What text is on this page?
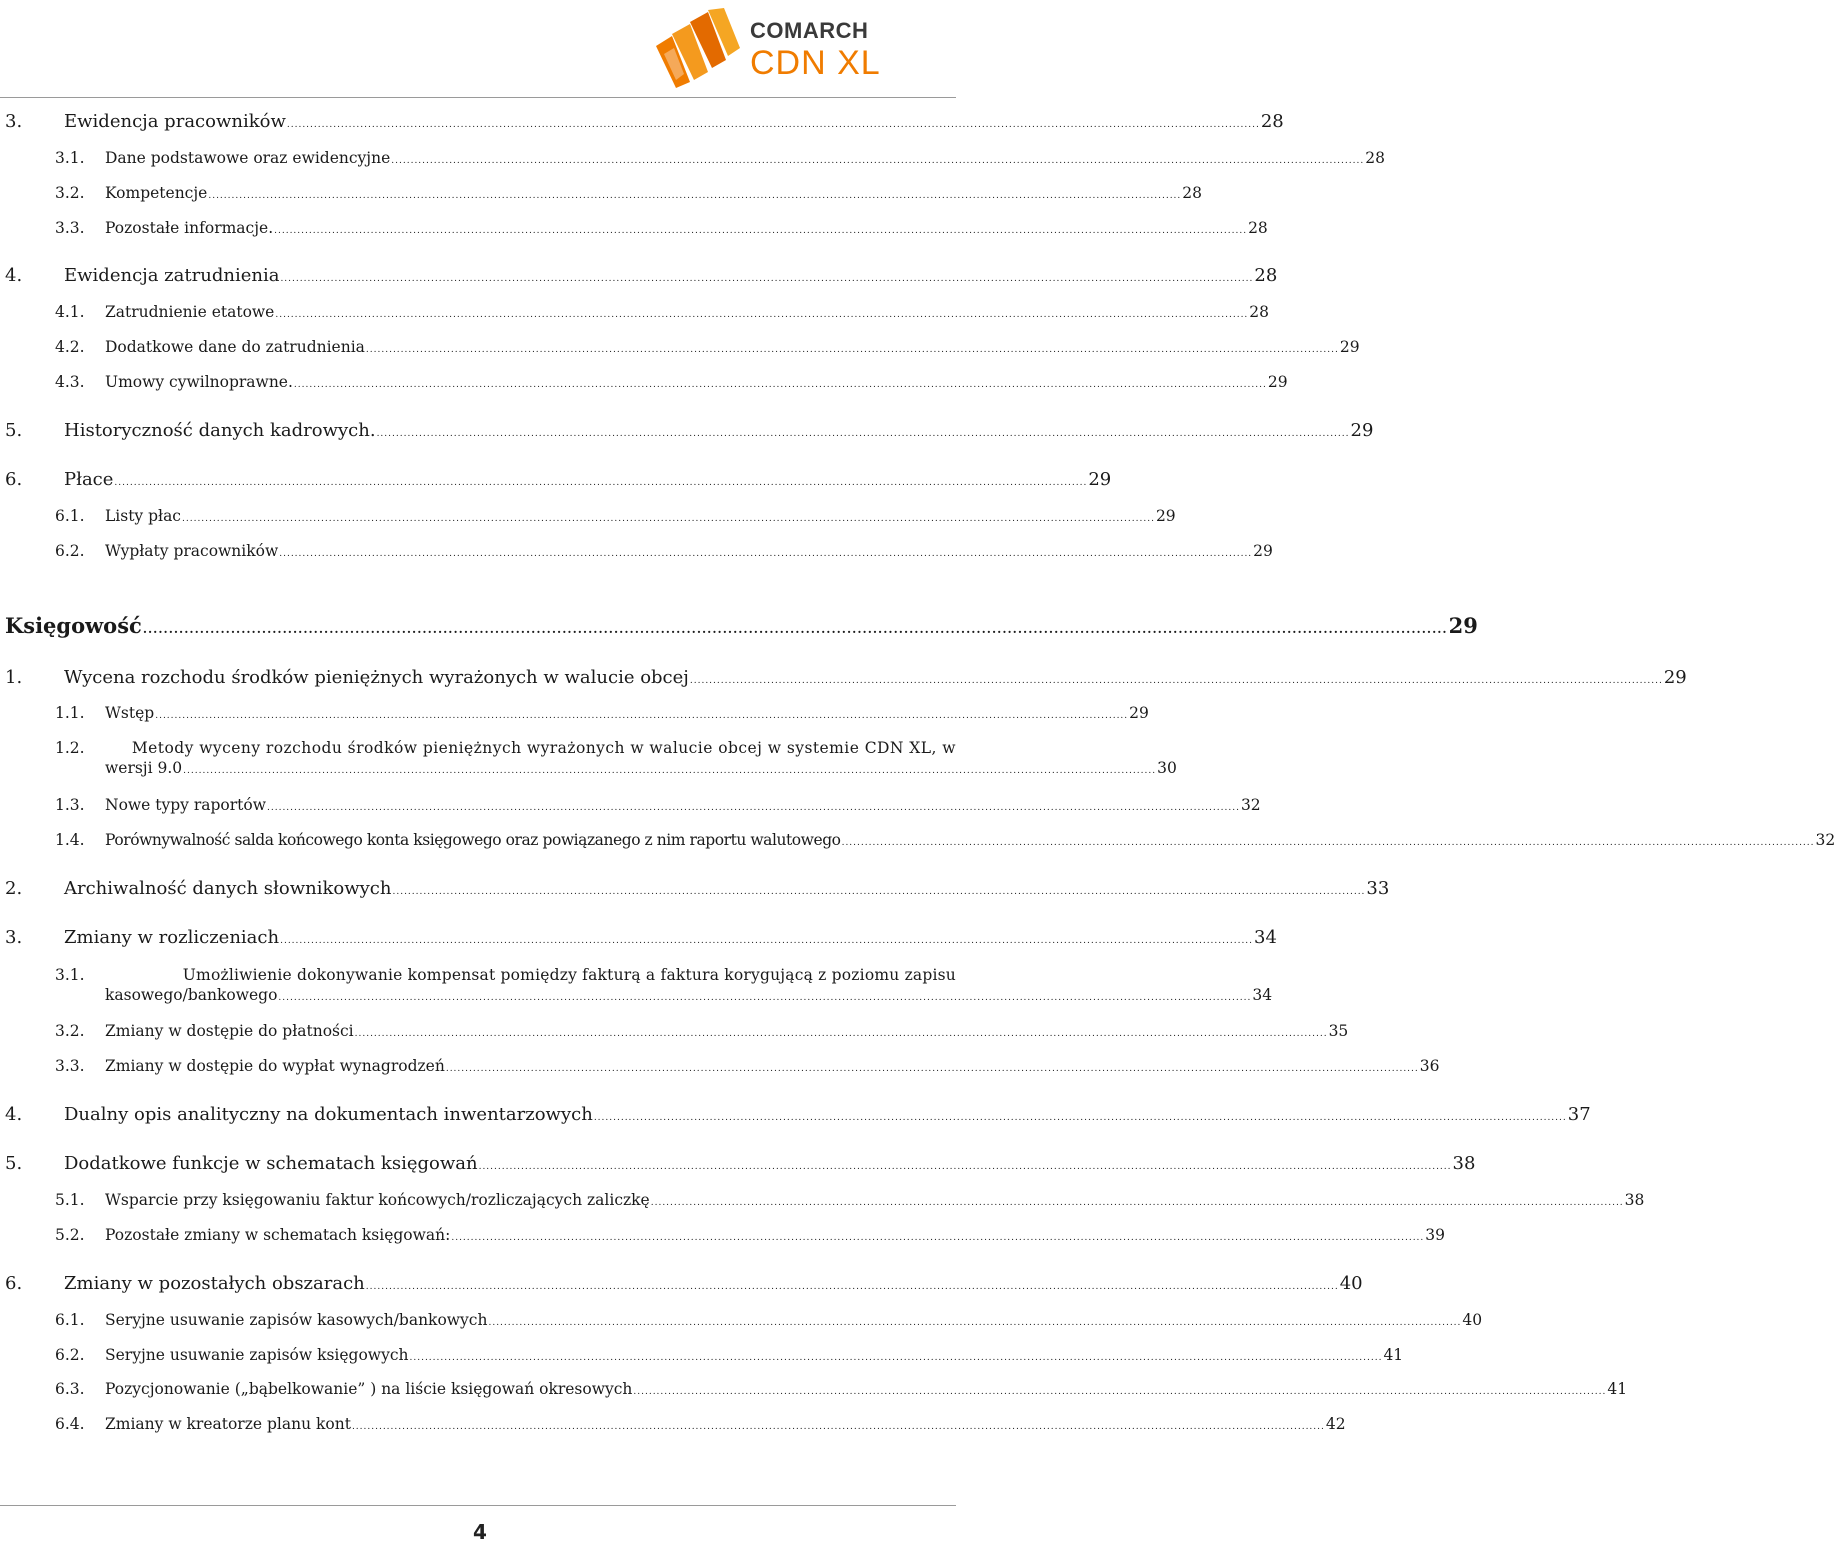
COMARCH
CDN XL
3.	Ewidencja pracowników ............................................................................................................................................................................................................................................................ 28
3.1.	Dane podstawowe oraz ewidencyjne ............................................................................................................................................................................................................................................................ 28
3.2.	Kompetencje ............................................................................................................................................................................................................................................................ 28
3.3.	Pozostałe informacje. ............................................................................................................................................................................................................................................................ 28
4.	Ewidencja zatrudnienia ............................................................................................................................................................................................................................................................ 28
4.1.	Zatrudnienie etatowe ............................................................................................................................................................................................................................................................ 28
4.2.	Dodatkowe dane do zatrudnienia ............................................................................................................................................................................................................................................................ 29
4.3.	Umowy cywilnoprawne. ............................................................................................................................................................................................................................................................ 29
5.	Historyczność danych kadrowych. ............................................................................................................................................................................................................................................................ 29
6.	Płace ............................................................................................................................................................................................................................................................ 29
6.1.	Listy płac ............................................................................................................................................................................................................................................................ 29
6.2.	Wypłaty pracowników ............................................................................................................................................................................................................................................................ 29
Księgowość ............................................................................................................................................................................................................................................................ 29
1.	Wycena rozchodu środków pieniężnych wyrażonych w walucie obcej ............................................................................................................................................................................................................................................................ 29
1.1.	Wstęp ............................................................................................................................................................................................................................................................ 29
1.2.	Metody wyceny rozchodu środków pieniężnych wyrażonych w walucie obcej w systemie CDN XL, w
wersji 9.0 ............................................................................................................................................................................................................................................................ 30
1.3.	Nowe typy raportów ............................................................................................................................................................................................................................................................ 32
1.4.	Porównywalność salda końcowego konta księgowego oraz powiązanego z nim raportu walutowego ............................................................................................................................................................................................................................................................ 32
2.	Archiwalność danych słownikowych ............................................................................................................................................................................................................................................................ 33
3.	Zmiany w rozliczeniach ............................................................................................................................................................................................................................................................ 34
3.1.	Umożliwienie dokonywanie kompensat pomiędzy fakturą a faktura korygującą z poziomu zapisu
kasowego/bankowego ............................................................................................................................................................................................................................................................ 34
3.2.	Zmiany w dostępie do płatności ............................................................................................................................................................................................................................................................ 35
3.3.	Zmiany w dostępie do wypłat wynagrodzeń ............................................................................................................................................................................................................................................................ 36
4.	Dualny opis analityczny na dokumentach inwentarzowych ............................................................................................................................................................................................................................................................ 37
5.	Dodatkowe funkcje w schematach księgowań ............................................................................................................................................................................................................................................................ 38
5.1.	Wsparcie przy księgowaniu faktur końcowych/rozliczających zaliczkę ............................................................................................................................................................................................................................................................ 38
5.2.	Pozostałe zmiany w schematach księgowań: ............................................................................................................................................................................................................................................................ 39
6.	Zmiany w pozostałych obszarach ............................................................................................................................................................................................................................................................ 40
6.1.	Seryjne usuwanie zapisów kasowych/bankowych ............................................................................................................................................................................................................................................................ 40
6.2.	Seryjne usuwanie zapisów księgowych ............................................................................................................................................................................................................................................................ 41
6.3.	Pozycjonowanie („bąbelkowanie” ) na liście księgowań okresowych ............................................................................................................................................................................................................................................................ 41
6.4.	Zmiany w kreatorze planu kont ............................................................................................................................................................................................................................................................ 42
4
